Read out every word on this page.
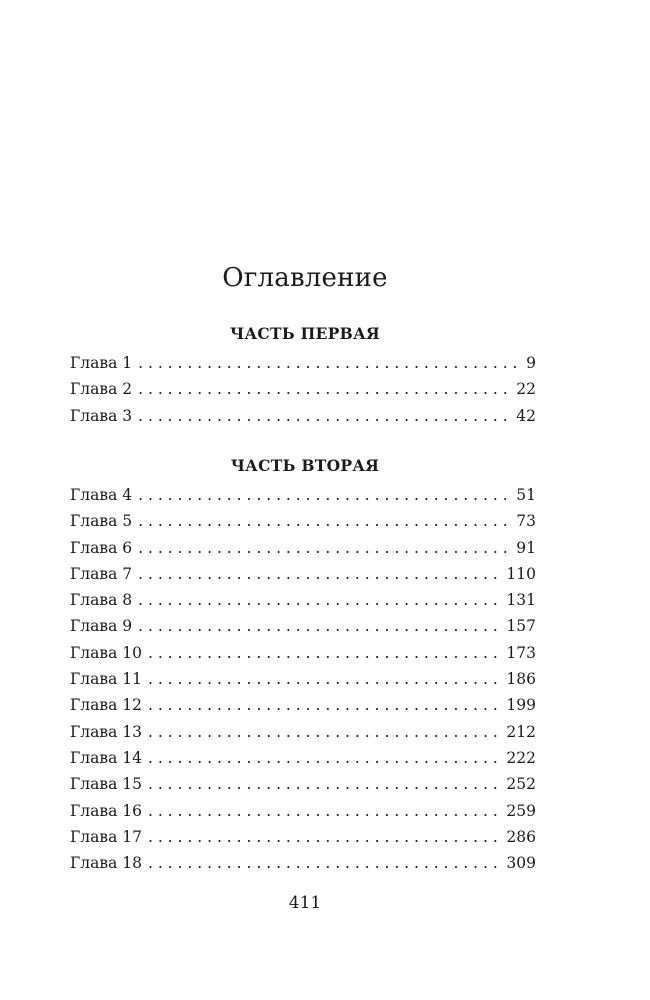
Оглавление
ЧАСТЬ ПЕРВАЯ
Глава 1 . . .	9
Глава 2 . . .	22
Глава 3 . . .	42
ЧАСТЬ ВТОРАЯ
Глава 4 . . .	51
Глава 5 . . .	73
Глава 6 . . .	91
Глава 7 . . .	110
Глава 8 . . .	131
Глава 9 . . .	157
Глава 10 . . .	173
Глава 11 . . .	186
Глава 12 . . .	199
Глава 13 . . .	212
Глава 14 . . .	222
Глава 15 . . .	252
Глава 16 . . .	259
Глава 17 . . .	286
Глава 18 . . .	309
411
